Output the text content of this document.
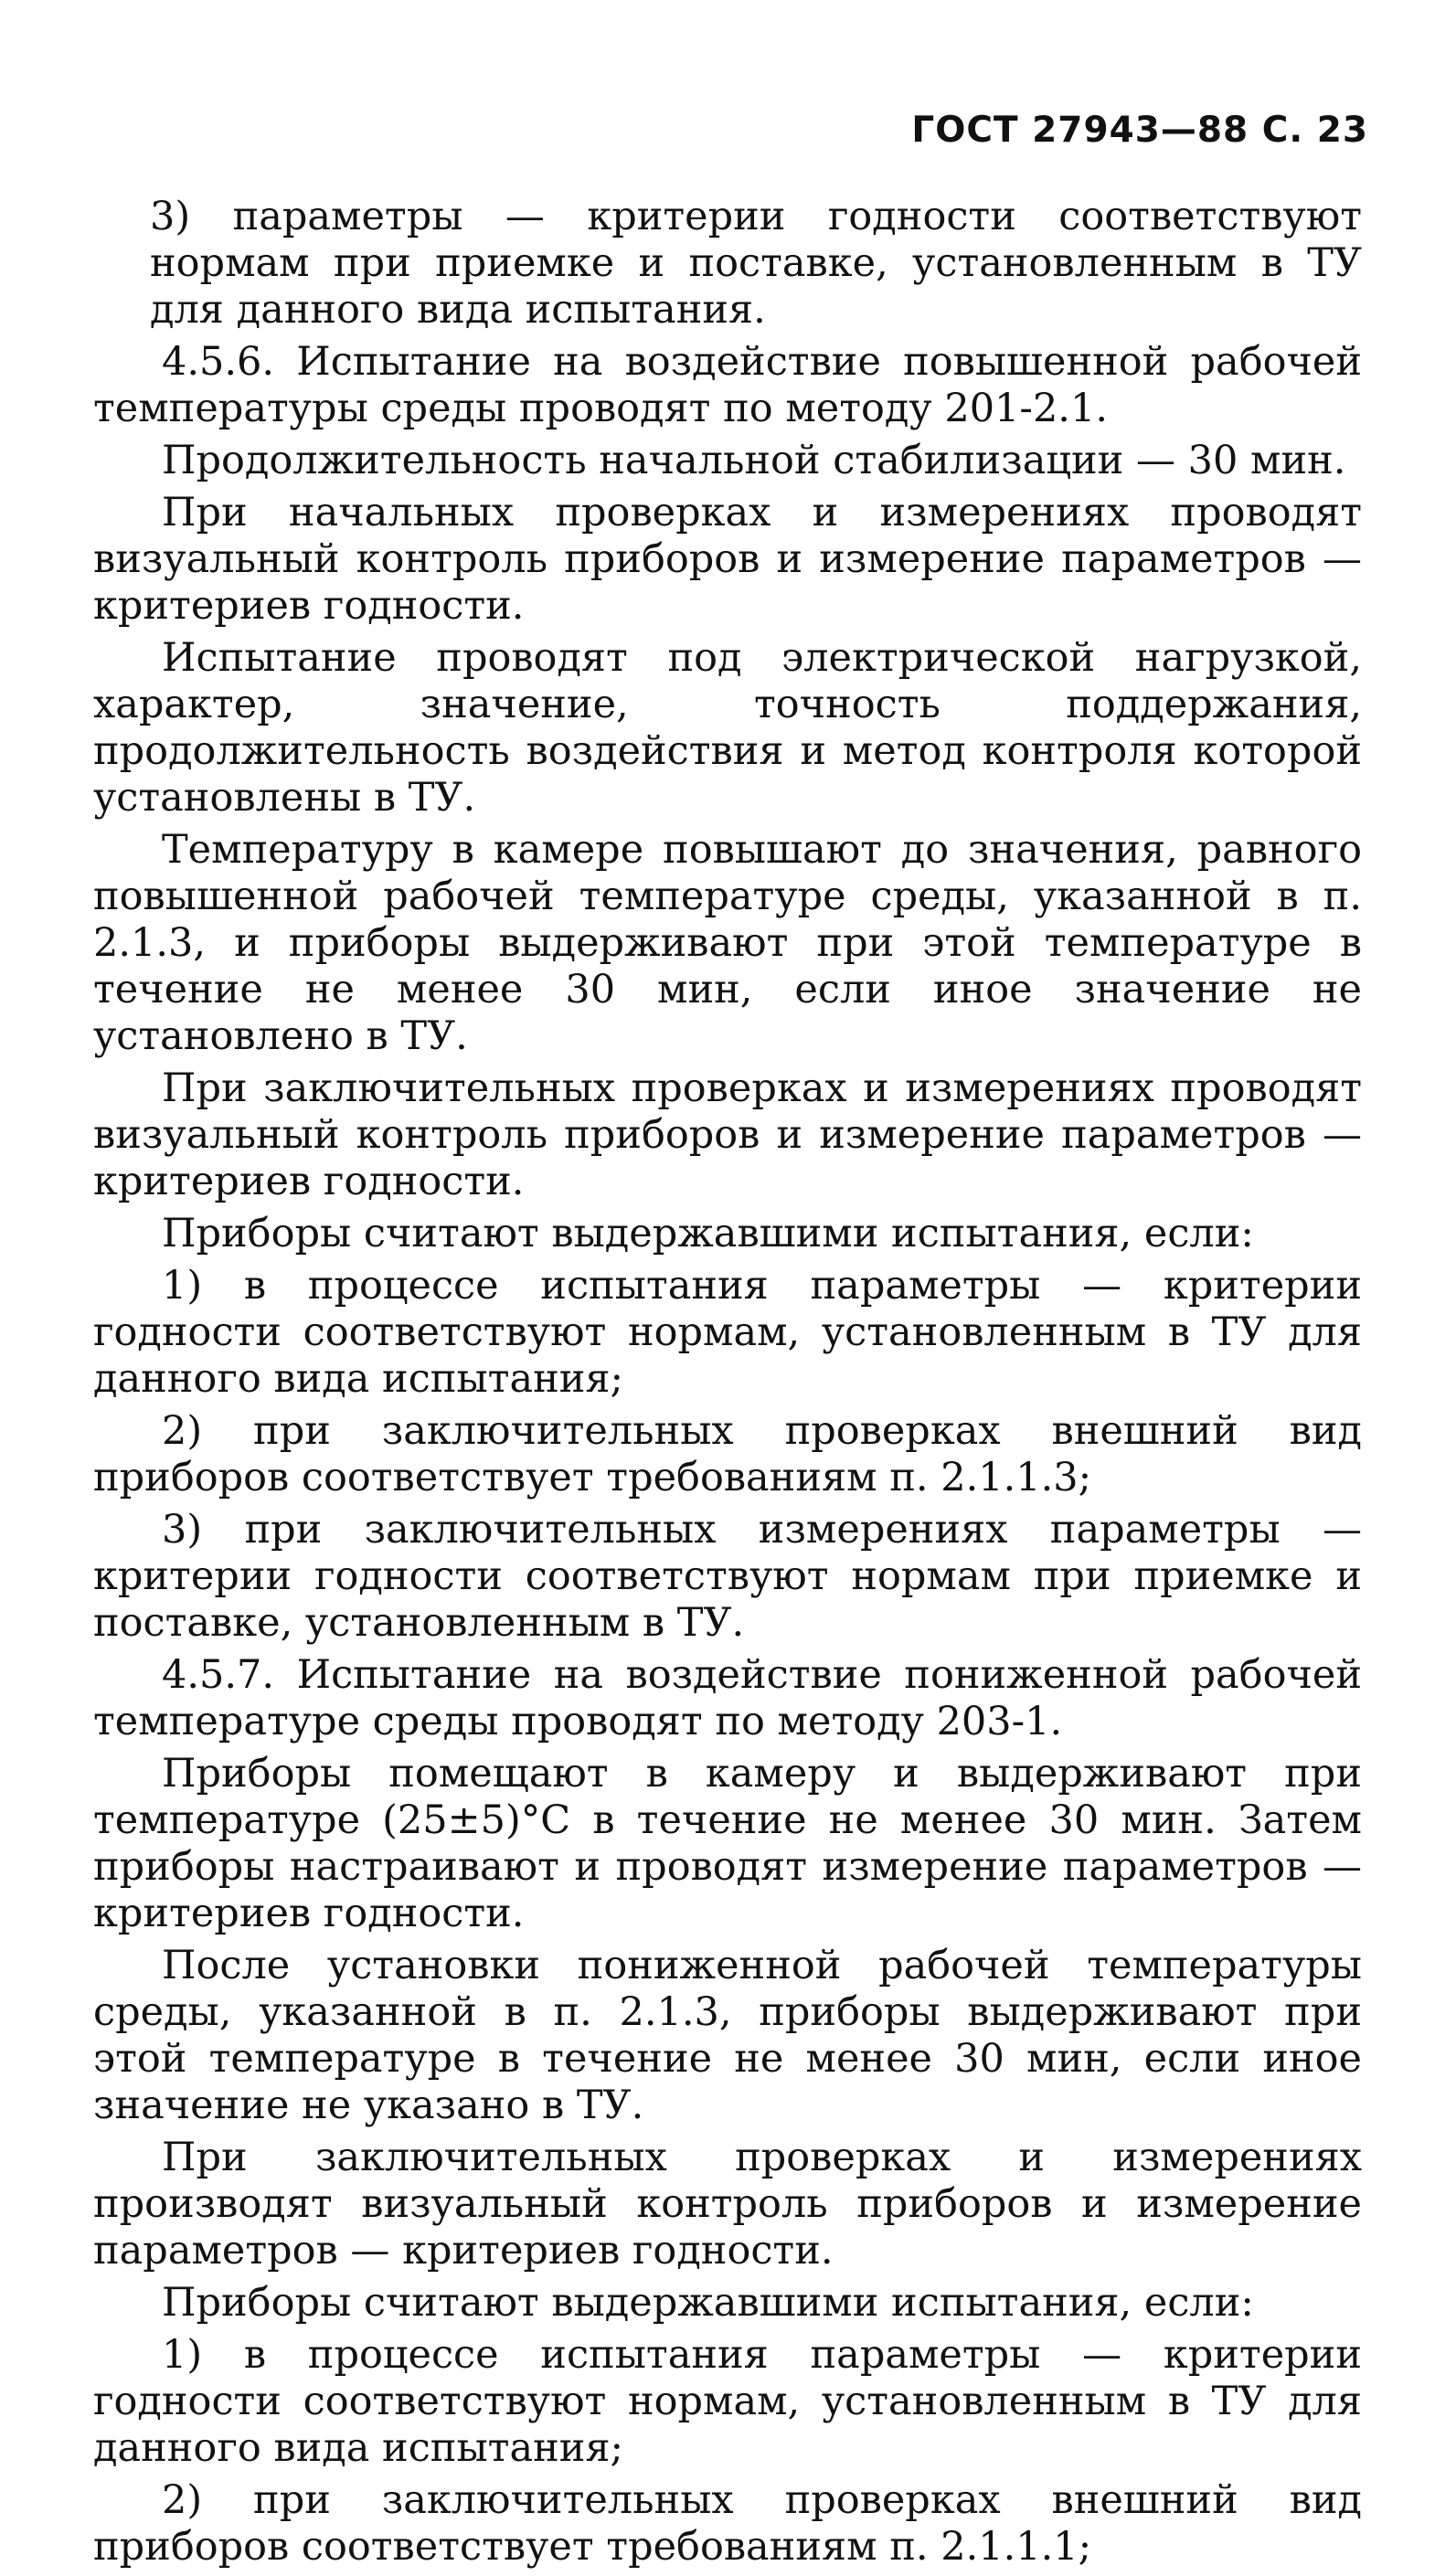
ГОСТ 27943—88 С. 23

3) параметры — критерии годности соответствуют нормам при приемке и поставке, установленным в ТУ для данного вида испытания.

4.5.6. Испытание на воздействие повышенной рабочей температуры среды проводят по методу 201-2.1.

Продолжительность начальной стабилизации — 30 мин.

При начальных проверках и измерениях проводят визуальный контроль приборов и измерение параметров — критериев годности.

Испытание проводят под электрической нагрузкой, характер, значение, точность поддержания, продолжительность воздействия и метод контроля которой установлены в ТУ.

Температуру в камере повышают до значения, равного повышенной рабочей температуре среды, указанной в п. 2.1.3, и приборы выдерживают при этой температуре в течение не менее 30 мин, если иное значение не установлено в ТУ.

При заключительных проверках и измерениях проводят визуальный контроль приборов и измерение параметров — критериев годности.

Приборы считают выдержавшими испытания, если:

1) в процессе испытания параметры — критерии годности соответствуют нормам, установленным в ТУ для данного вида испытания;

2) при заключительных проверках внешний вид приборов соответствует требованиям п. 2.1.1.3;

3) при заключительных измерениях параметры — критерии годности соответствуют нормам при приемке и поставке, установленным в ТУ.

4.5.7. Испытание на воздействие пониженной рабочей температуре среды проводят по методу 203-1.

Приборы помещают в камеру и выдерживают при температуре (25±5)°С в течение не менее 30 мин. Затем приборы настраивают и проводят измерение параметров — критериев годности.

После установки пониженной рабочей температуры среды, указанной в п. 2.1.3, приборы выдерживают при этой температуре в течение не менее 30 мин, если иное значение не указано в ТУ.

При заключительных проверках и измерениях производят визуальный контроль приборов и измерение параметров — критериев годности.

Приборы считают выдержавшими испытания, если:

1) в процессе испытания параметры — критерии годности соответствуют нормам, установленным в ТУ для данного вида испытания;

2) при заключительных проверках внешний вид приборов соответствует требованиям п. 2.1.1.1;
